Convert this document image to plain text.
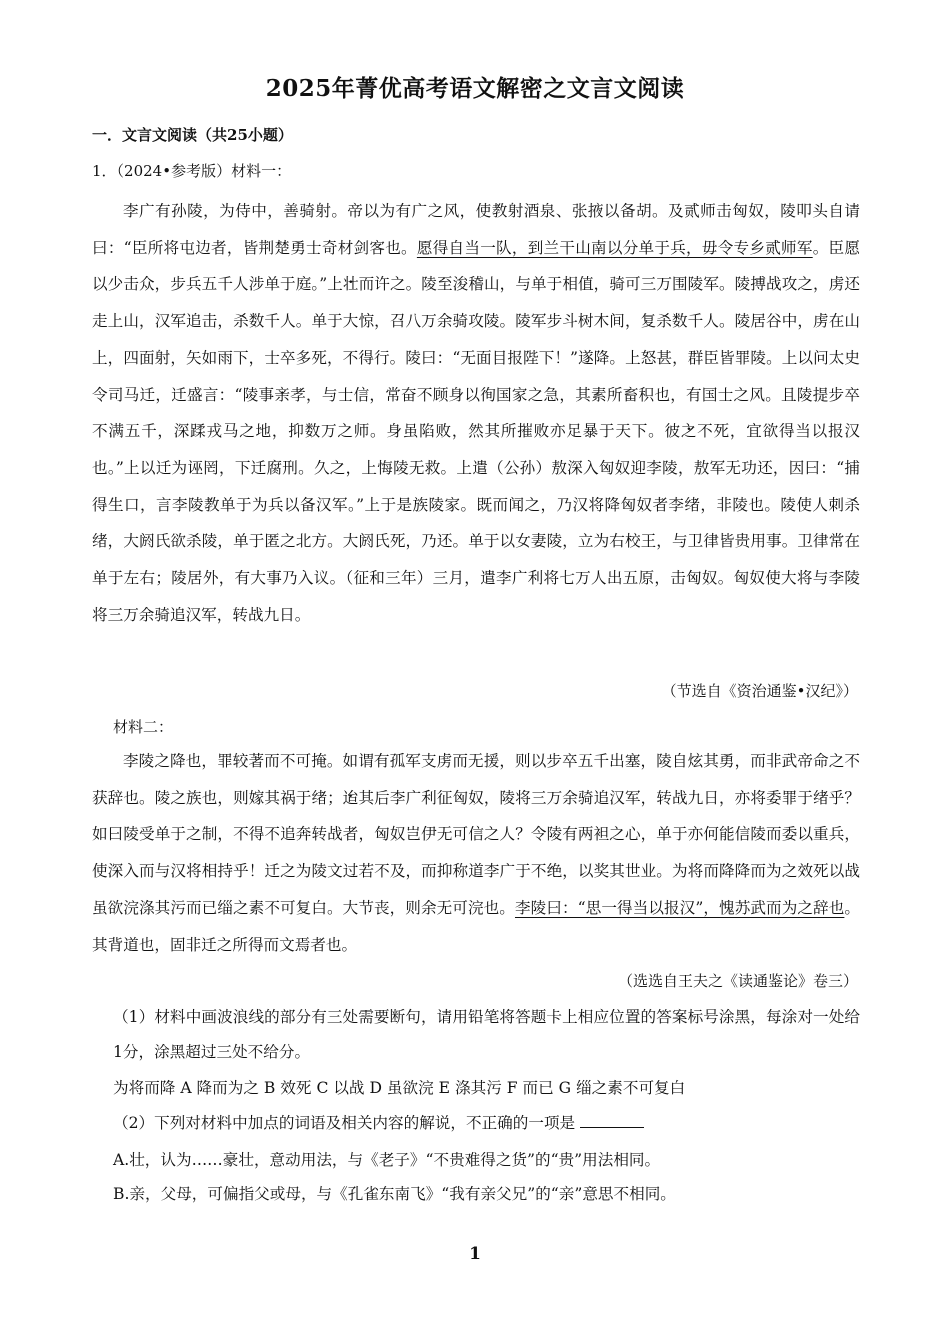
2025年菁优高考语文解密之文言文阅读
一．文言文阅读（共25小题）
1．（2024•参考版）材料一：
李广有孙陵，为侍中，善骑射。帝以为有广之风，使教射酒泉、张掖以备胡。及贰师击匈奴，陵叩头自请曰：“臣所将屯边者，皆荆楚勇士奇材剑客也。愿得自当一队，到兰干山南以分单于兵，毋令专乡贰师军。臣愿以少击众，步兵五千人涉单于庭。”上壮而许之。陵至浚稽山，与单于相值，骑可三万围陵军。陵搏战攻之，虏还走上山，汉军追击，杀数千人。单于大惊，召八万余骑攻陵。陵军步斗树木间，复杀数千人。陵居谷中，虏在山上，四面射，矢如雨下，士卒多死，不得行。陵曰：“无面目报陛下！”遂降。上怒甚，群臣皆罪陵。上以问太史令司马迁，迁盛言：“陵事亲孝，与士信，常奋不顾身以徇国家之急，其素所畜积也，有国士之风。且陵提步卒不满五千，深蹂戎马之地，抑数万之师。身虽陷败，然其所摧败亦足暴于天下。彼之不死，宜欲得当以报汉也。”上以迁为诬罔，下迁腐刑。久之，上悔陵无救。上遣（公孙）敖深入匈奴迎李陵，敖军无功还，因曰：“捕得生口，言李陵教单于为兵以备汉军。”上于是族陵家。既而闻之，乃汉将降匈奴者李绪，非陵也。陵使人刺杀绪，大阏氏欲杀陵，单于匿之北方。大阏氏死，乃还。单于以女妻陵，立为右校王，与卫律皆贵用事。卫律常在单于左右；陵居外，有大事乃入议。（征和三年）三月，遣李广利将七万人出五原，击匈奴。匈奴使大将与李陵将三万余骑追汉军，转战九日。
（节选自《资治通鉴•汉纪》）
材料二：
李陵之降也，罪较著而不可掩。如谓有孤军支虏而无援，则以步卒五千出塞，陵自炫其勇，而非武帝命之不获辞也。陵之族也，则嫁其祸于绪；迨其后李广利征匈奴，陵将三万余骑追汉军，转战九日，亦将委罪于绪乎？如曰陵受单于之制，不得不追奔转战者，匈奴岂伊无可信之人？令陵有两袒之心，单于亦何能信陵而委以重兵，使深入而与汉将相持乎！迁之为陵文过若不及，而抑称道李广于不绝，以奖其世业。为将而降降而为之效死以战虽欲浣涤其污而已缁之素不可复白。大节丧，则余无可浣也。李陵曰：“思一得当以报汉”，愧苏武而为之辞也。其背道也，固非迁之所得而文焉者也。
（选选自王夫之《读通鉴论》卷三）
（1）材料中画波浪线的部分有三处需要断句，请用铅笔将答题卡上相应位置的答案标号涂黑，每涂对一处给1分，涂黑超过三处不给分。
为将而降 A 降而为之 B 效死 C 以战 D 虽欲浣 E 涤其污 F 而已 G 缁之素不可复白
（2）下列对材料中加点的词语及相关内容的解说，不正确的一项是
A.壮，认为……豪壮，意动用法，与《老子》“不贵难得之货”的“贵”用法相同。
B.亲，父母，可偏指父或母，与《孔雀东南飞》“我有亲父兄”的“亲”意思不相同。
1
